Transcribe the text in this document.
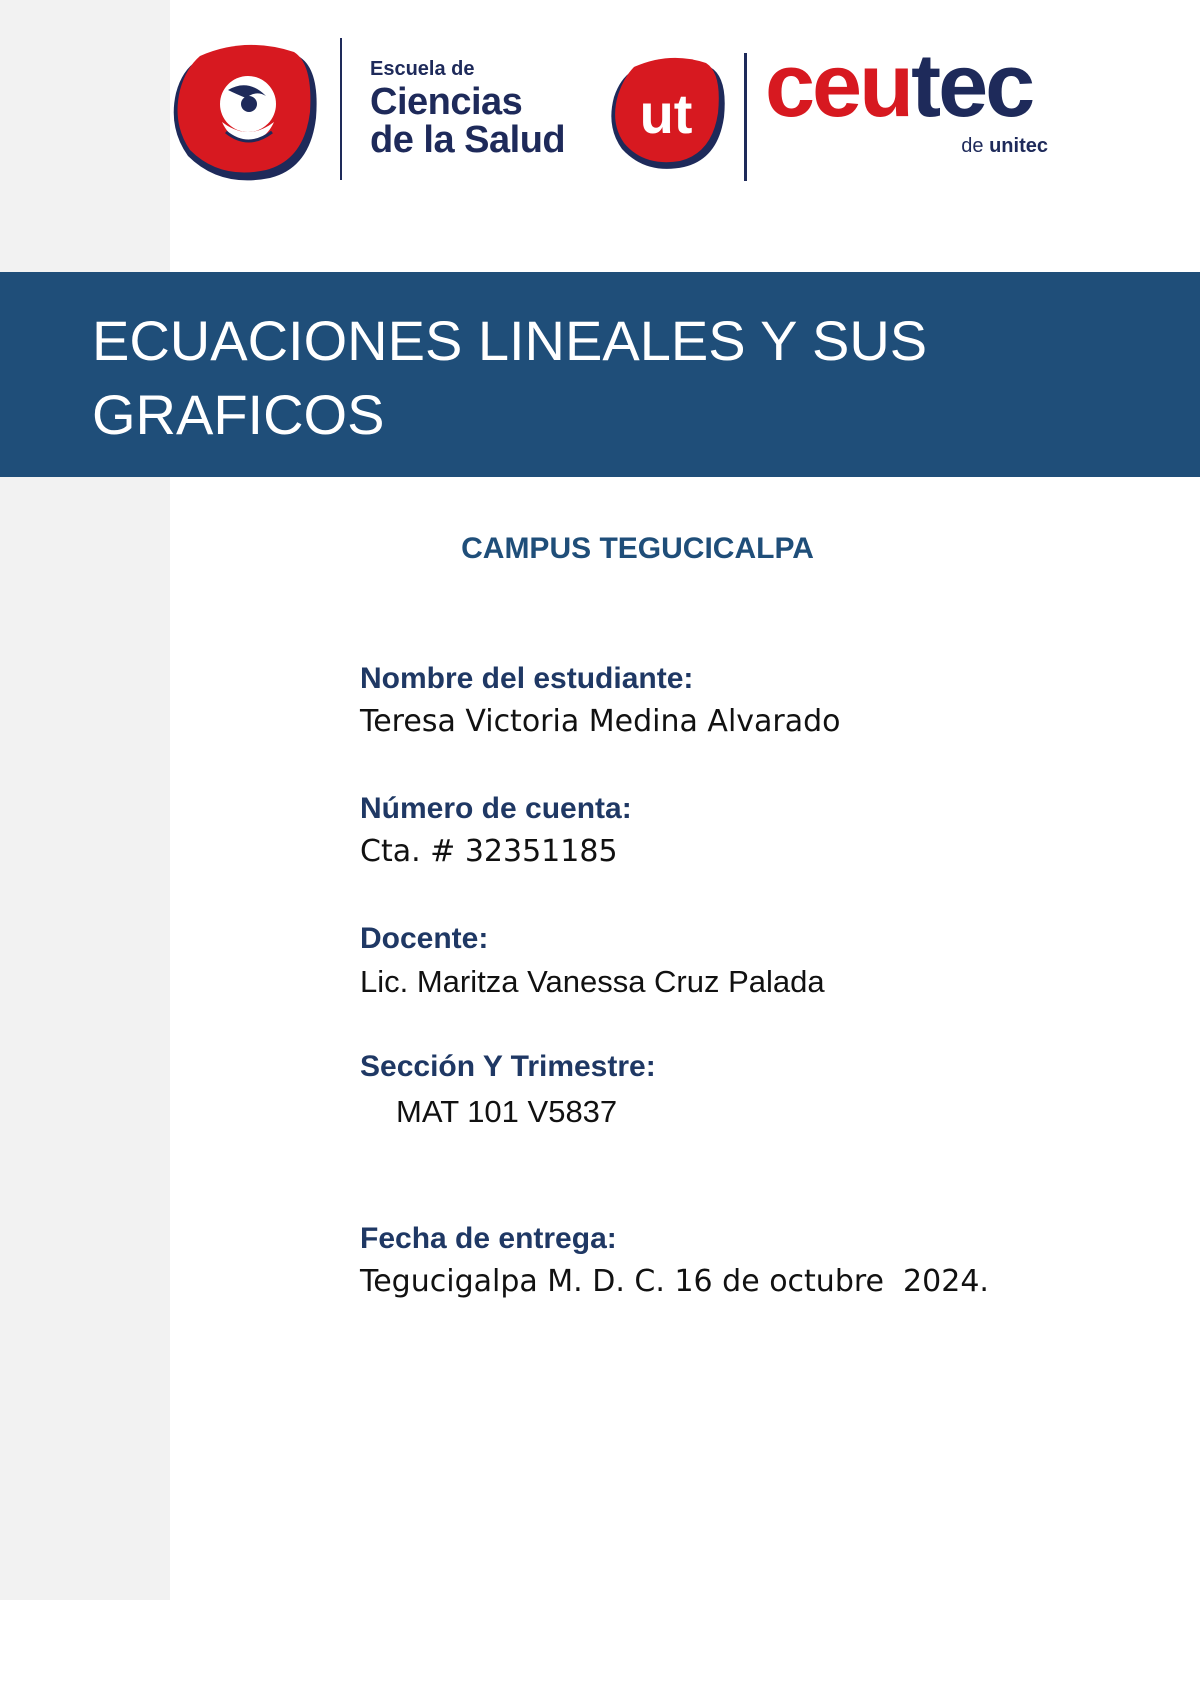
Escuela de
Ciencias
de la Salud ut ceutec
de unitec
ECUACIONES LINEALES Y SUS
GRAFICOS
CAMPUS TEGUCICALPA
Nombre del estudiante:
Teresa Victoria Medina Alvarado
Número de cuenta:
Cta. # 32351185
Docente:
Lic. Maritza Vanessa Cruz Palada
Sección Y Trimestre:
MAT 101 V5837
Fecha de entrega:
Tegucigalpa M. D. C. 16 de octubre  2024.
